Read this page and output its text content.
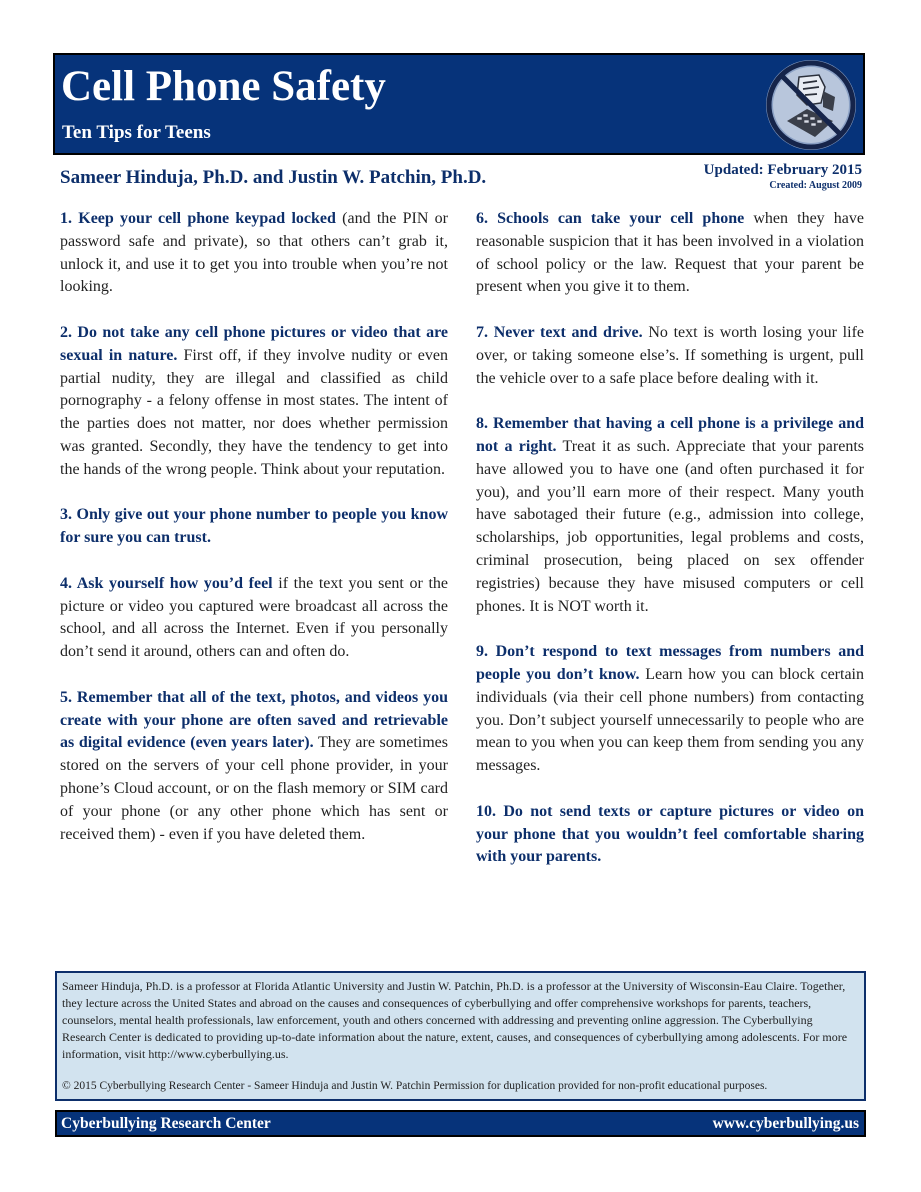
Cell Phone Safety
Ten Tips for Teens
Sameer Hinduja, Ph.D. and Justin W. Patchin, Ph.D.	Updated: February 2015
Created: August 2009

1. Keep your cell phone keypad locked (and the PIN or password safe and private), so that others can’t grab it, unlock it, and use it to get you into trouble when you’re not looking.

2. Do not take any cell phone pictures or video that are sexual in nature. First off, if they involve nudity or even partial nudity, they are illegal and classified as child pornography - a felony offense in most states. The intent of the parties does not matter, nor does whether permission was granted. Secondly, they have the tendency to get into the hands of the wrong people. Think about your reputation.

3. Only give out your phone number to people you know for sure you can trust.

4. Ask yourself how you’d feel if the text you sent or the picture or video you captured were broadcast all across the school, and all across the Internet. Even if you personally don’t send it around, others can and often do.

5. Remember that all of the text, photos, and videos you create with your phone are often saved and retrievable as digital evidence (even years later). They are sometimes stored on the servers of your cell phone provider, in your phone’s Cloud account, or on the flash memory or SIM card of your phone (or any other phone which has sent or received them) - even if you have deleted them.

6. Schools can take your cell phone when they have reasonable suspicion that it has been involved in a violation of school policy or the law. Request that your parent be present when you give it to them.

7. Never text and drive. No text is worth losing your life over, or taking someone else’s. If something is urgent, pull the vehicle over to a safe place before dealing with it.

8. Remember that having a cell phone is a privilege and not a right. Treat it as such. Appreciate that your parents have allowed you to have one (and often purchased it for you), and you’ll earn more of their respect. Many youth have sabotaged their future (e.g., admission into college, scholarships, job opportunities, legal problems and costs, criminal prosecution, being placed on sex offender registries) because they have misused computers or cell phones. It is NOT worth it.

9. Don’t respond to text messages from numbers and people you don’t know. Learn how you can block certain individuals (via their cell phone numbers) from contacting you. Don’t subject yourself unnecessarily to people who are mean to you when you can keep them from sending you any messages.

10. Do not send texts or capture pictures or video on your phone that you wouldn’t feel comfortable sharing with your parents.

Sameer Hinduja, Ph.D. is a professor at Florida Atlantic University and Justin W. Patchin, Ph.D. is a professor at the University of Wisconsin-Eau Claire. Together, they lecture across the United States and abroad on the causes and consequences of cyberbullying and offer comprehensive workshops for parents, teachers, counselors, mental health professionals, law enforcement, youth and others concerned with addressing and preventing online aggression. The Cyberbullying Research Center is dedicated to providing up-to-date information about the nature, extent, causes, and consequences of cyberbullying among adolescents. For more information, visit http://www.cyberbullying.us.
© 2015 Cyberbullying Research Center - Sameer Hinduja and Justin W. Patchin Permission for duplication provided for non-profit educational purposes.
Cyberbullying Research Center	www.cyberbullying.us
